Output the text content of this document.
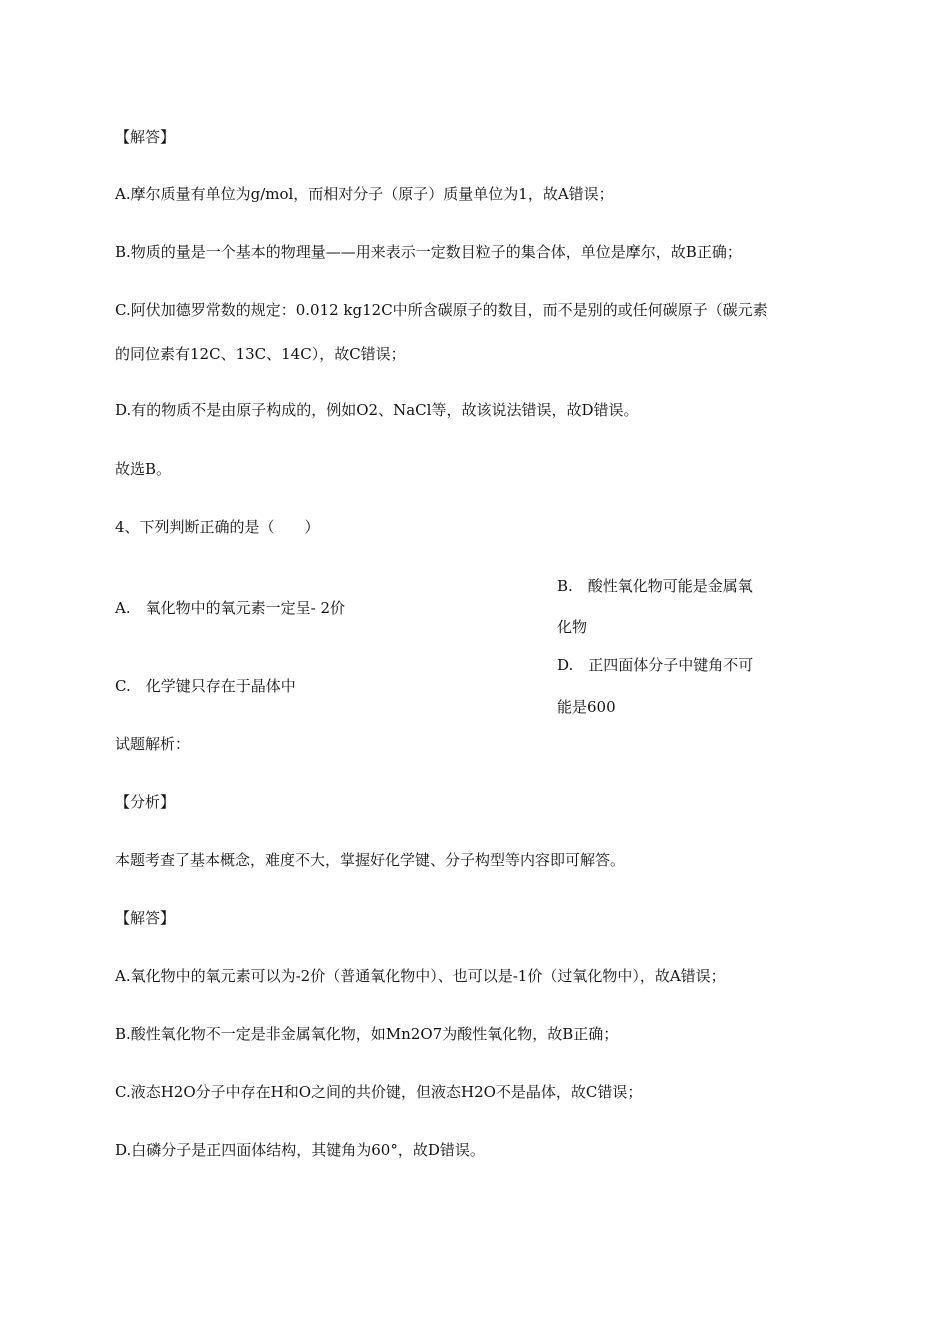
【解答】
A.摩尔质量有单位为g/mol，而相对分子（原子）质量单位为1，故A错误；
B.物质的量是一个基本的物理量——用来表示一定数目粒子的集合体，单位是摩尔，故B正确；
C.阿伏加德罗常数的规定：0.012 kg12C中所含碳原子的数目，而不是别的或任何碳原子（碳元素
的同位素有12C、13C、14C），故C错误；
D.有的物质不是由原子构成的，例如O2、NaCl等，故该说法错误，故D错误。
故选B。
4、下列判断正确的是（　　）
B.　酸性氧化物可能是金属氧
A.　氧化物中的氧元素一定呈- 2价
化物
D.　正四面体分子中键角不可
C.　化学键只存在于晶体中
能是600
试题解析：
【分析】
本题考查了基本概念，难度不大，掌握好化学键、分子构型等内容即可解答。
【解答】
A.氧化物中的氧元素可以为-2价（普通氧化物中）、也可以是-1价（过氧化物中），故A错误；
B.酸性氧化物不一定是非金属氧化物，如Mn2O7为酸性氧化物，故B正确；
C.液态H2O分子中存在H和O之间的共价键，但液态H2O不是晶体，故C错误；
D.白磷分子是正四面体结构，其键角为60°，故D错误。
